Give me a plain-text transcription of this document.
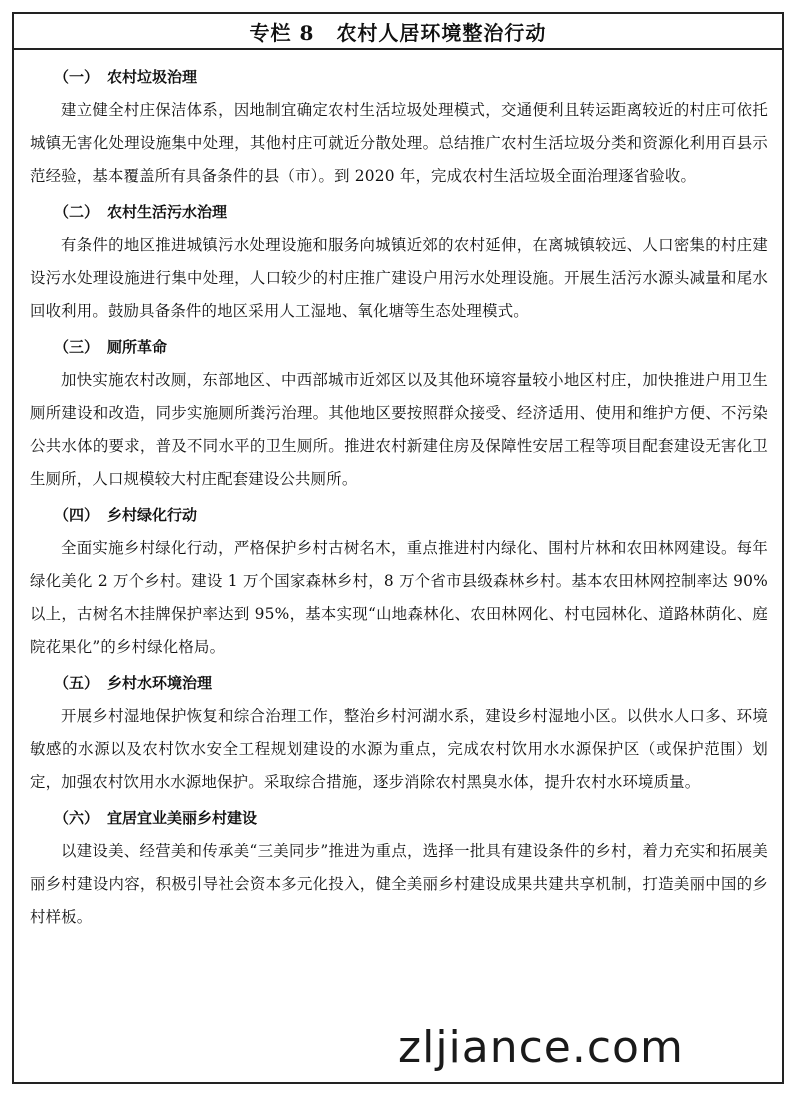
专栏 8 农村人居环境整治行动
（一） 农村垃圾治理

建立健全村庄保洁体系，因地制宜确定农村生活垃圾处理模式，交通便利且转运距离较近的村庄可依托城镇无害化处理设施集中处理，其他村庄可就近分散处理。总结推广农村生活垃圾分类和资源化利用百县示范经验，基本覆盖所有具备条件的县（市）。到 2020 年，完成农村生活垃圾全面治理逐省验收。

（二） 农村生活污水治理

有条件的地区推进城镇污水处理设施和服务向城镇近郊的农村延伸，在离城镇较远、人口密集的村庄建设污水处理设施进行集中处理，人口较少的村庄推广建设户用污水处理设施。开展生活污水源头减量和尾水回收利用。鼓励具备条件的地区采用人工湿地、氧化塘等生态处理模式。

（三） 厕所革命

加快实施农村改厕，东部地区、中西部城市近郊区以及其他环境容量较小地区村庄，加快推进户用卫生厕所建设和改造，同步实施厕所粪污治理。其他地区要按照群众接受、经济适用、使用和维护方便、不污染公共水体的要求，普及不同水平的卫生厕所。推进农村新建住房及保障性安居工程等项目配套建设无害化卫生厕所，人口规模较大村庄配套建设公共厕所。

（四） 乡村绿化行动

全面实施乡村绿化行动，严格保护乡村古树名木，重点推进村内绿化、围村片林和农田林网建设。每年绿化美化 2 万个乡村。建设 1 万个国家森林乡村，8 万个省市县级森林乡村。基本农田林网控制率达 90% 以上，古树名木挂牌保护率达到 95%，基本实现“山地森林化、农田林网化、村屯园林化、道路林荫化、庭院花果化”的乡村绿化格局。

（五） 乡村水环境治理

开展乡村湿地保护恢复和综合治理工作，整治乡村河湖水系，建设乡村湿地小区。以供水人口多、环境敏感的水源以及农村饮水安全工程规划建设的水源为重点，完成农村饮用水水源保护区（或保护范围）划定，加强农村饮用水水源地保护。采取综合措施，逐步消除农村黑臭水体，提升农村水环境质量。

（六） 宜居宜业美丽乡村建设

以建设美、经营美和传承美“三美同步”推进为重点，选择一批具有建设条件的乡村，着力充实和拓展美丽乡村建设内容，积极引导社会资本多元化投入，健全美丽乡村建设成果共建共享机制，打造美丽中国的乡村样板。

zljiance.com
